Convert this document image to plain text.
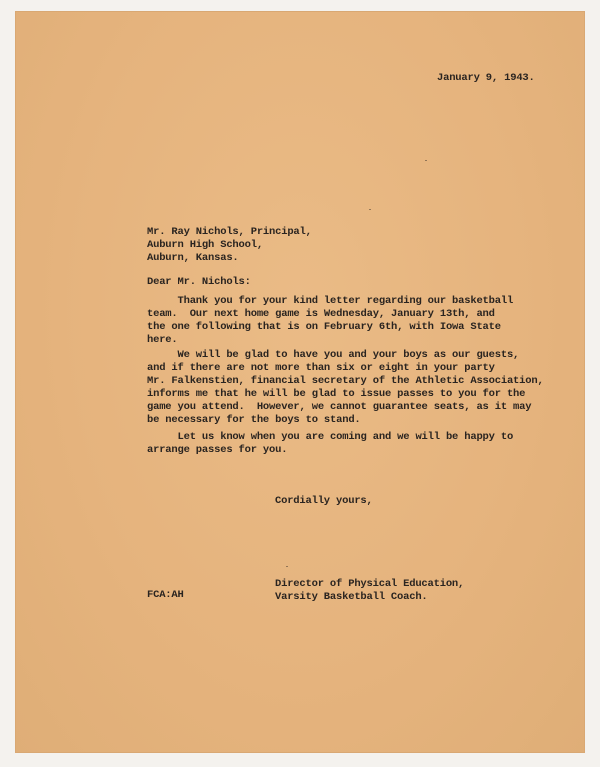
January 9, 1943.
Mr. Ray Nichols, Principal,
Auburn High School,
Auburn, Kansas.
Dear Mr. Nichols:
Thank you for your kind letter regarding our basketball
team.  Our next home game is Wednesday, January 13th, and
the one following that is on February 6th, with Iowa State
here.
We will be glad to have you and your boys as our guests,
and if there are not more than six or eight in your party
Mr. Falkenstien, financial secretary of the Athletic Association,
informs me that he will be glad to issue passes to you for the
game you attend.  However, we cannot guarantee seats, as it may
be necessary for the boys to stand.
Let us know when you are coming and we will be happy to
arrange passes for you.
Cordially yours,
Director of Physical Education,
Varsity Basketball Coach.
FCA:AH
